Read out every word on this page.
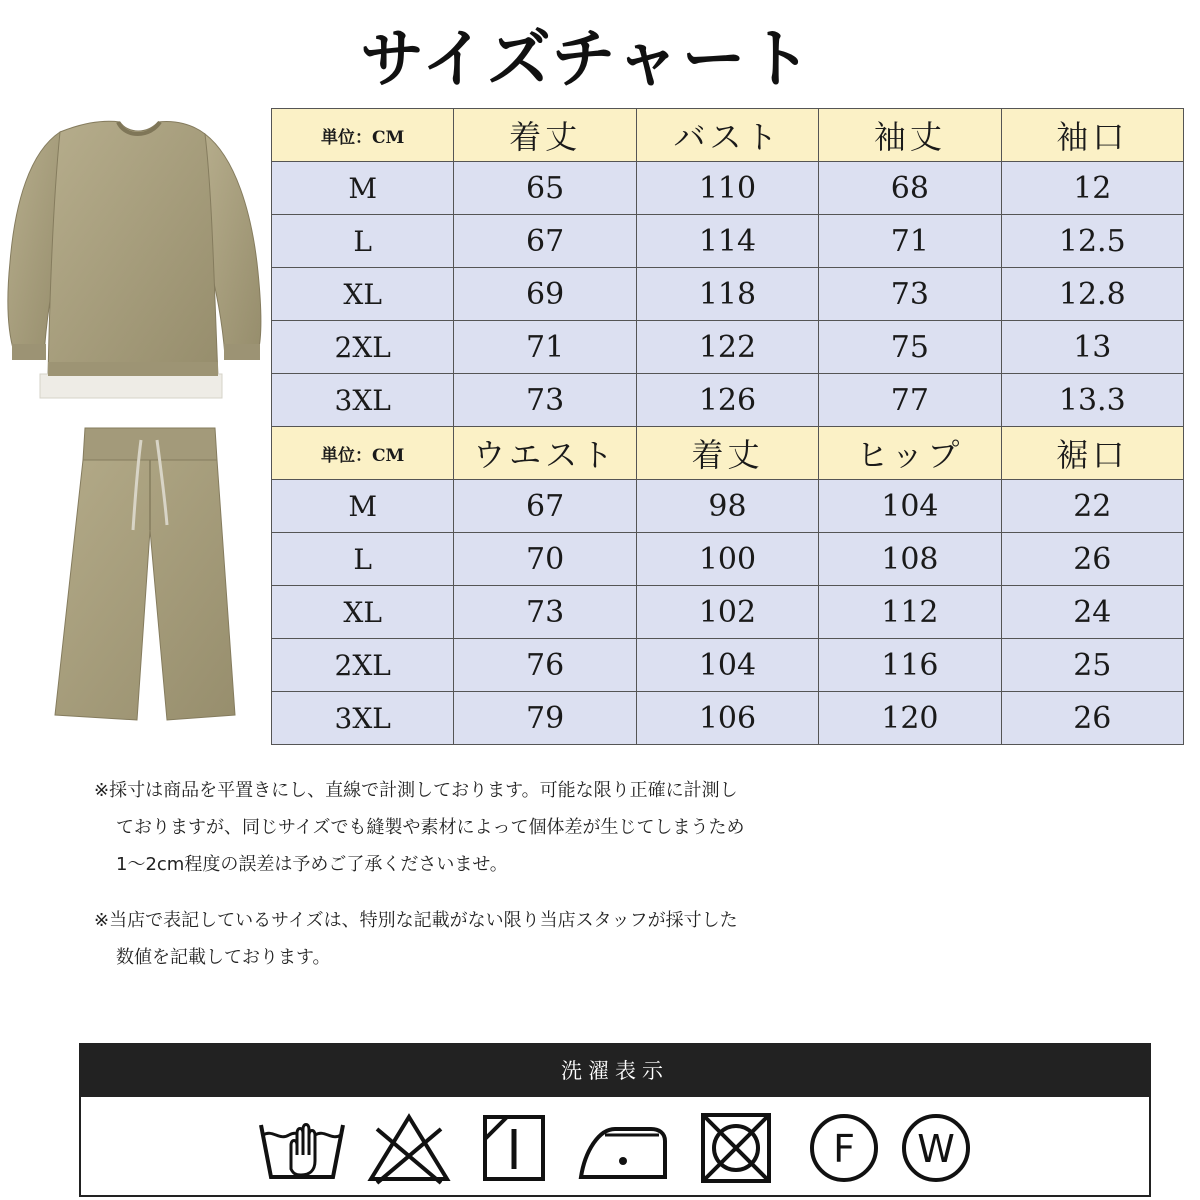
サイズチャート
単位：CM	着丈	バスト	袖丈	袖口
M	65	110	68	12
L	67	114	71	12.5
XL	69	118	73	12.8
2XL	71	122	75	13
3XL	73	126	77	13.3
単位：CM	ウエスト	着丈	ヒップ	裾口
M	67	98	104	22
L	70	100	108	26
XL	73	102	112	24
2XL	76	104	116	25
3XL	79	106	120	26
※採寸は商品を平置きにし、直線で計測しております。可能な限り正確に計測し
ておりますが、同じサイズでも縫製や素材によって個体差が生じてしまうため
1～2cm程度の誤差は予めご了承くださいませ。
※当店で表記しているサイズは、特別な記載がない限り当店スタッフが採寸した
数値を記載しております。
洗濯表示
F W
